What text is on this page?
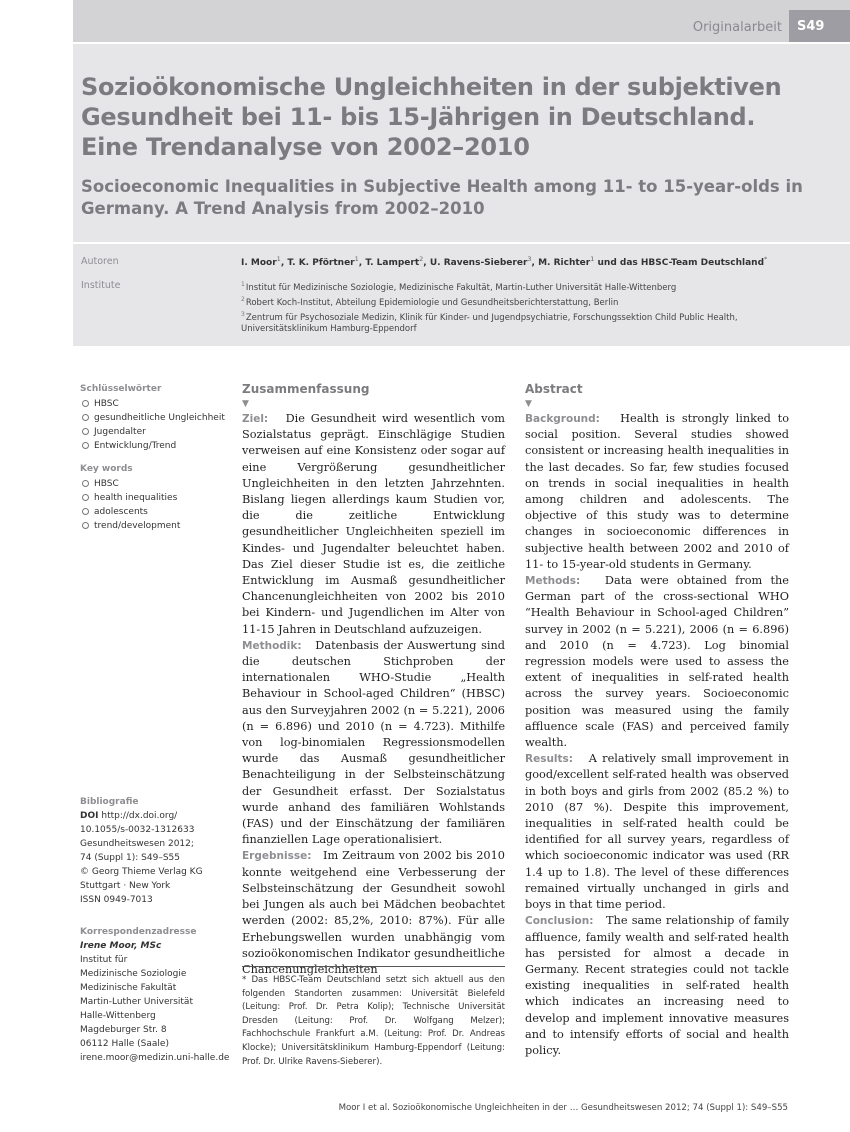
Originalarbeit	S49
Sozioökonomische Ungleichheiten in der subjektiven
Gesundheit bei 11- bis 15-Jährigen in Deutschland.
Eine Trendanalyse von 2002–2010
Socioeconomic Inequalities in Subjective Health among 11- to 15-year-olds in
Germany. A Trend Analysis from 2002–2010
Autoren	I. Moor$^1$, T. K. Pförtner$^1$, T. Lampert$^2$, U. Ravens-Sieberer$^3$, M. Richter$^1$ und das HBSC-Team Deutschland*
Institute	$^1$Institut für Medizinische Soziologie, Medizinische Fakultät, Martin-Luther Universität Halle-Wittenberg
$^2$Robert Koch-Institut, Abteilung Epidemiologie und Gesundheitsberichterstattung, Berlin
$^3$Zentrum für Psychosoziale Medizin, Klinik für Kinder- und Jugendpsychiatrie, Forschungssektion Child Public Health,
Universitätsklinikum Hamburg-Eppendorf
Schlüsselwörter
HBSC
gesundheitliche Ungleichheit
Jugendalter
Entwicklung/Trend
Key words
HBSC
health inequalities
adolescents
trend/development
Bibliografie
DOI http://dx.doi.org/
10.1055/s-0032-1312633
Gesundheitswesen 2012;
74 (Suppl 1): S49–S55
© Georg Thieme Verlag KG
Stuttgart · New York
ISSN 0949-7013
Korrespondenzadresse
Irene Moor, MSc
Institut für
Medizinische Soziologie
Medizinische Fakultät
Martin-Luther Universität
Halle-Wittenberg
Magdeburger Str. 8
06112 Halle (Saale)
irene.moor@medizin.uni-halle.de
Zusammenfassung
▼

Ziel: Die Gesundheit wird wesentlich vom Sozialstatus geprägt. Einschlägige Studien verweisen auf eine Konsistenz oder sogar auf eine Vergrößerung gesundheitlicher Ungleichheiten in den letzten Jahrzehnten. Bislang liegen allerdings kaum Studien vor, die die zeitliche Entwicklung gesundheitlicher Ungleichheiten speziell im Kindes- und Jugendalter beleuchtet haben. Das Ziel dieser Studie ist es, die zeitliche Entwicklung im Ausmaß gesundheitlicher Chancenungleichheiten von 2002 bis 2010 bei Kindern- und Jugendlichen im Alter von 11-15 Jahren in Deutschland aufzuzeigen.

Methodik: Datenbasis der Auswertung sind die deutschen Stichproben der internationalen WHO-Studie „Health Behaviour in School-aged Children“ (HBSC) aus den Surveyjahren 2002 (n = 5.221), 2006 (n = 6.896) und 2010 (n = 4.723). Mithilfe von log-binomialen Regressionsmodellen wurde das Ausmaß gesundheitlicher Benachteiligung in der Selbsteinschätzung der Gesundheit erfasst. Der Sozialstatus wurde anhand des familiären Wohlstands (FAS) und der Einschätzung der familiären finanziellen Lage operationalisiert.

Ergebnisse: Im Zeitraum von 2002 bis 2010 konnte weitgehend eine Verbesserung der Selbsteinschätzung der Gesundheit sowohl bei Jungen als auch bei Mädchen beobachtet werden (2002: 85,2%, 2010: 87%). Für alle Erhebungswellen wurden unabhängig vom sozioökonomischen Indikator gesundheitliche Chancenungleichheiten

Abstract
▼

Background: Health is strongly linked to social position. Several studies showed consistent or increasing health inequalities in the last decades. So far, few studies focused on trends in social inequalities in health among children and adolescents. The objective of this study was to determine changes in socioeconomic differences in subjective health between 2002 and 2010 of 11- to 15-year-old students in Germany.

Methods: Data were obtained from the German part of the cross-sectional WHO “Health Behaviour in School-aged Children” survey in 2002 (n = 5.221), 2006 (n = 6.896) and 2010 (n = 4.723). Log binomial regression models were used to assess the extent of inequalities in self-rated health across the survey years. Socioeconomic position was measured using the family affluence scale (FAS) and perceived family wealth.

Results: A relatively small improvement in good/excellent self-rated health was observed in both boys and girls from 2002 (85.2 %) to 2010 (87 %). Despite this improvement, inequalities in self-rated health could be identified for all survey years, regardless of which socioeconomic indicator was used (RR 1.4 up to 1.8). The level of these differences remained virtually unchanged in girls and boys in that time period.

Conclusion: The same relationship of family affluence, family wealth and self-rated health has persisted for almost a decade in Germany. Recent strategies could not tackle existing inequalities in self-rated health which indicates an increasing need to develop and implement innovative measures and to intensify efforts of social and health policy.

* Das HBSC-Team Deutschland setzt sich aktuell aus den folgenden Standorten zusammen: Universität Bielefeld (Leitung: Prof. Dr. Petra Kolip); Technische Universität Dresden (Leitung: Prof. Dr. Wolfgang Melzer); Fachhochschule Frankfurt a.M. (Leitung: Prof. Dr. Andreas Klocke); Universitätsklinikum Hamburg-Eppendorf (Leitung: Prof. Dr. Ulrike Ravens-Sieberer).
Moor I et al. Sozioökonomische Ungleichheiten in der … Gesundheitswesen 2012; 74 (Suppl 1): S49–S55
